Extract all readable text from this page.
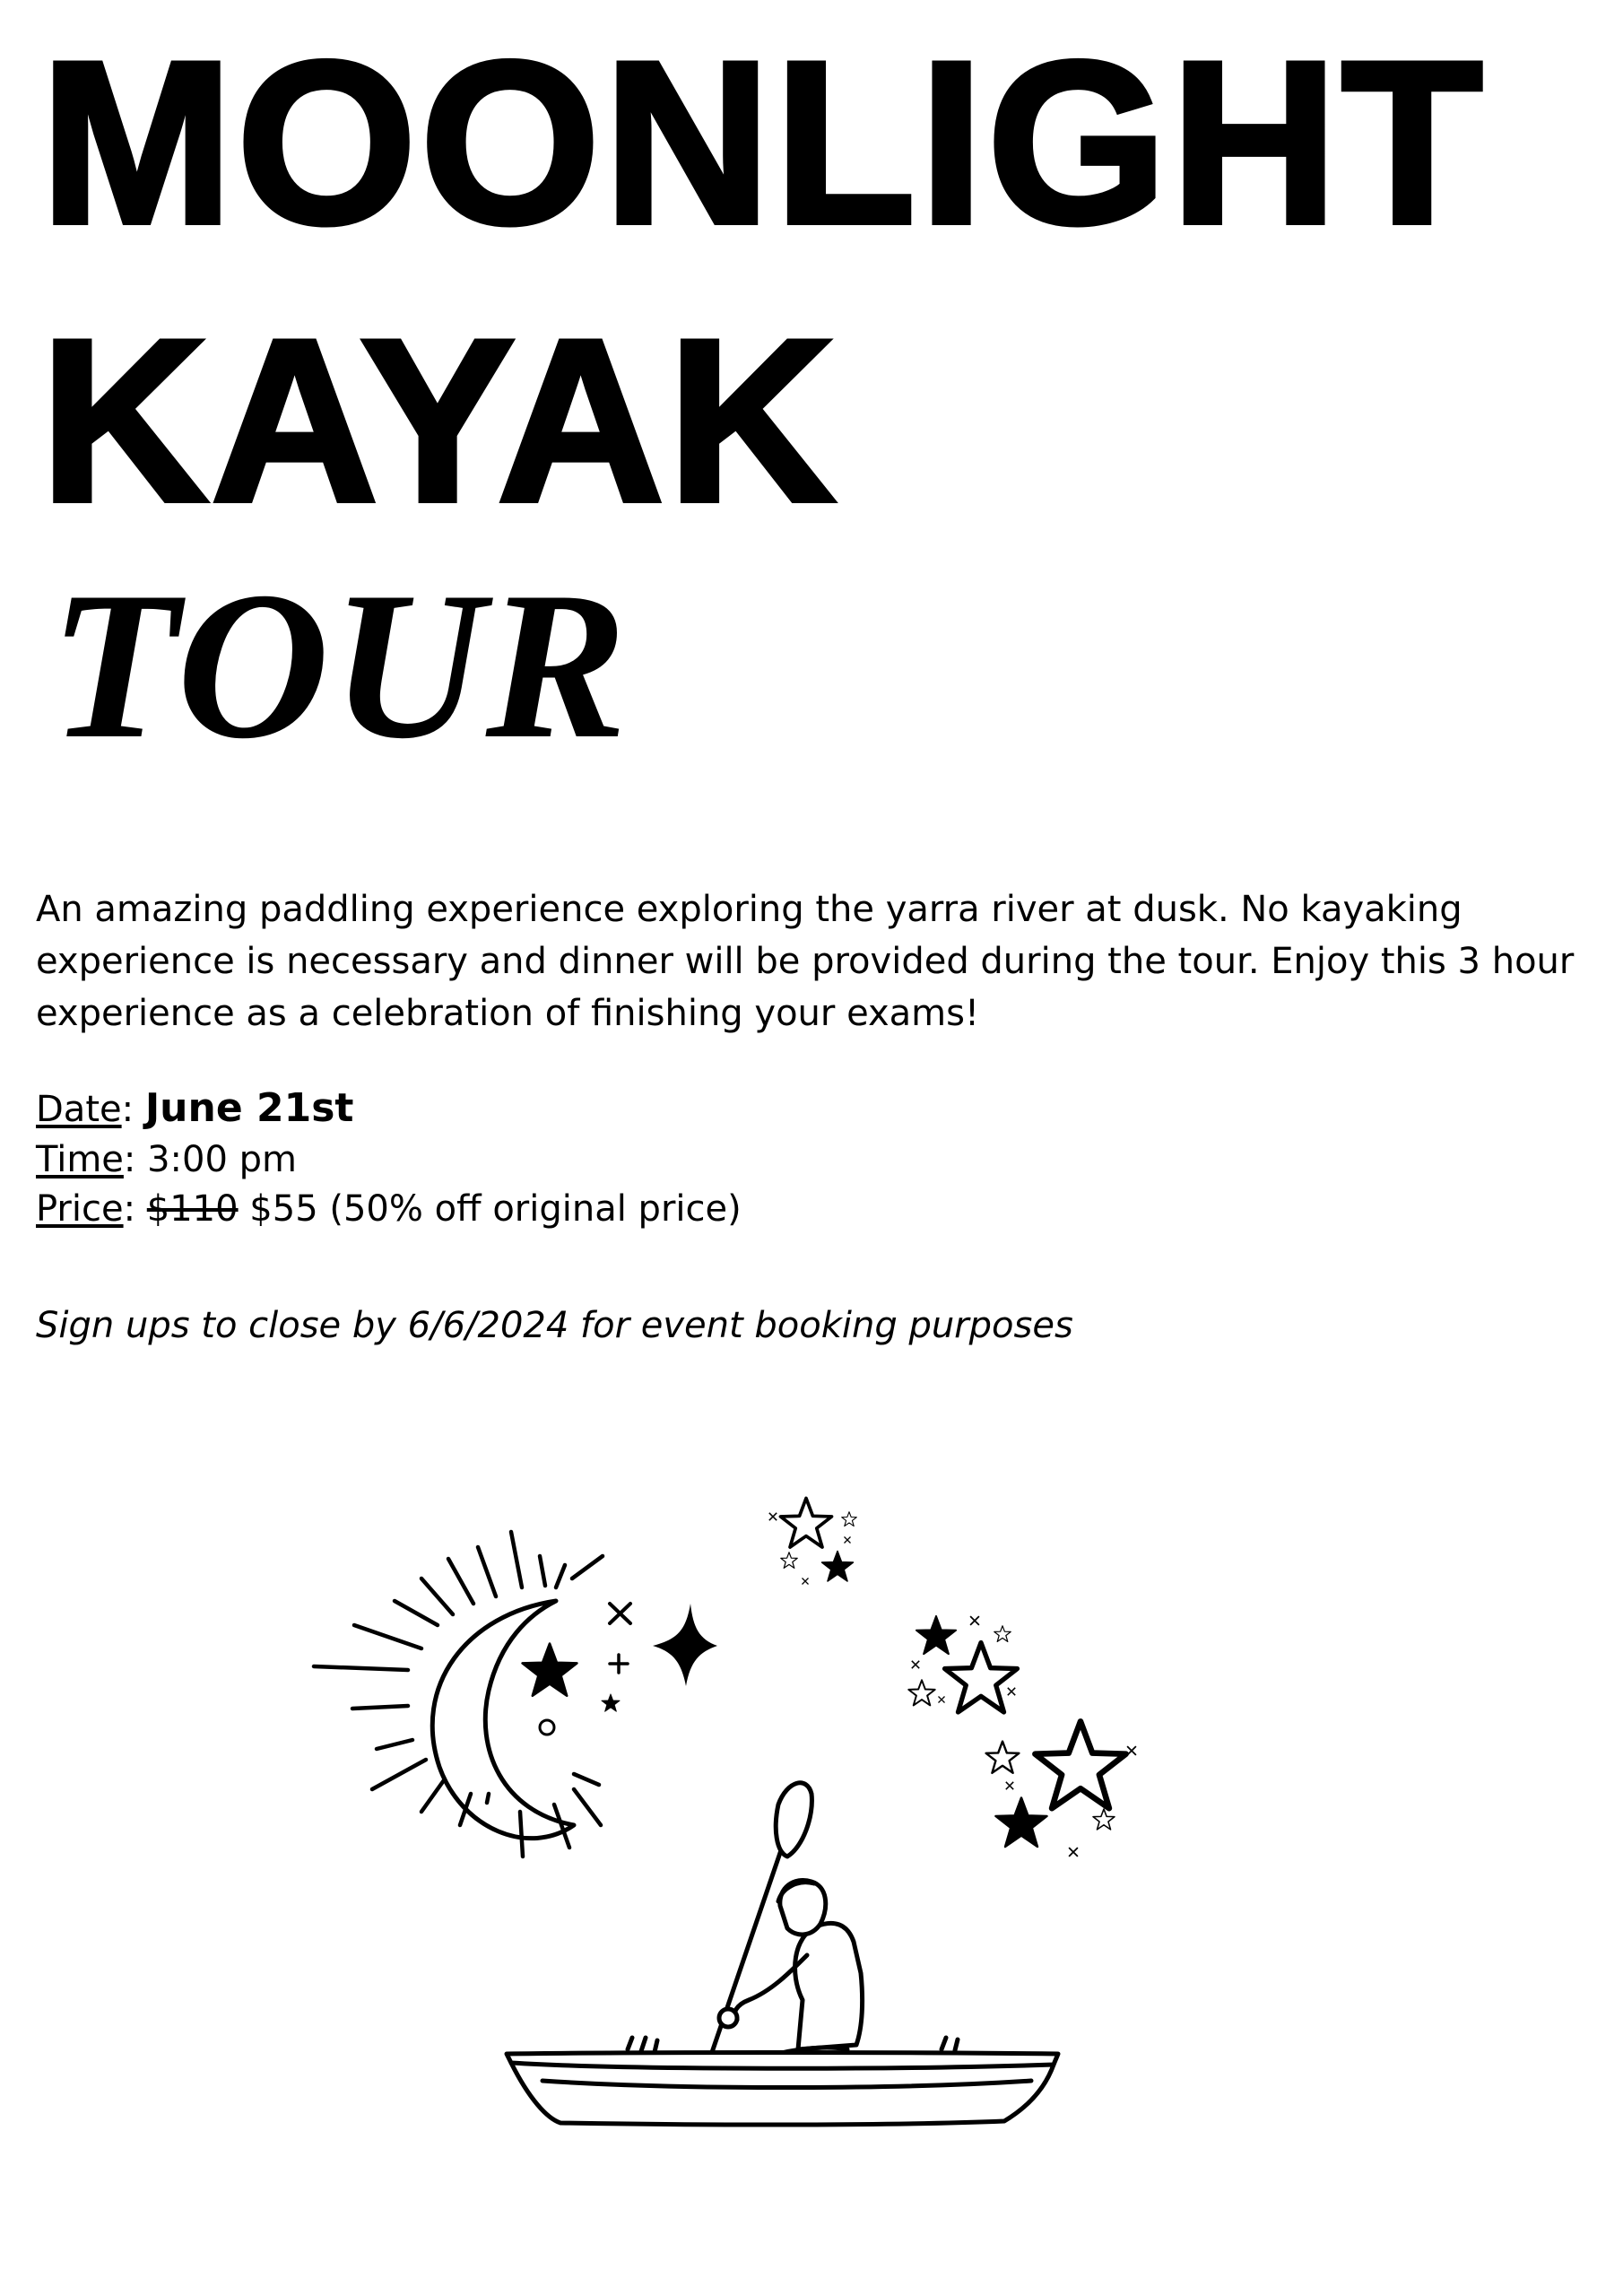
MOONLIGHT
KAYAK
TOUR

An amazing paddling experience exploring the yarra river at dusk. No kayaking experience is necessary and dinner will be provided during the tour. Enjoy this 3 hour experience as a celebration of finishing your exams!

Date: June 21st
Time: 3:00 pm
Price: $110 $55 (50% off original price)
Sign ups to close by 6/6/2024 for event booking purposes
